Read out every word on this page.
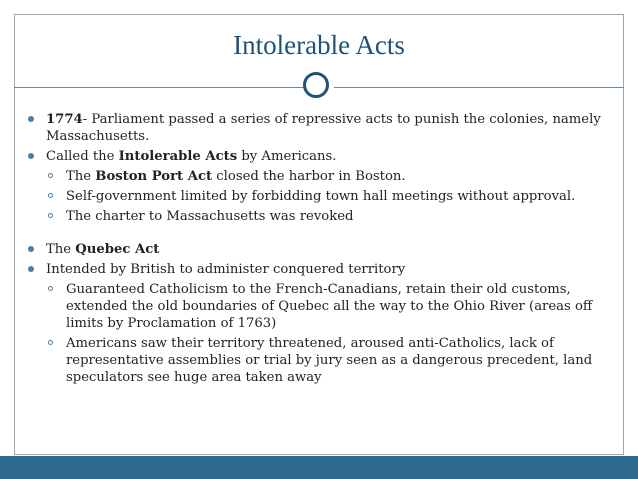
Intolerable Acts

1774- Parliament passed a series of repressive acts to punish the colonies, namely Massachusetts.

Called the Intolerable Acts by Americans.

The Boston Port Act closed the harbor in Boston.

Self-government limited by forbidding town hall meetings without approval.

The charter to Massachusetts was revoked

The Quebec Act

Intended by British to administer conquered territory

Guaranteed Catholicism to the French-Canadians, retain their old customs, extended the old boundaries of Quebec all the way to the Ohio River (areas off limits by Proclamation of 1763)

Americans saw their territory threatened, aroused anti-Catholics, lack of representative assemblies or trial by jury seen as a dangerous precedent, land speculators see huge area taken away
